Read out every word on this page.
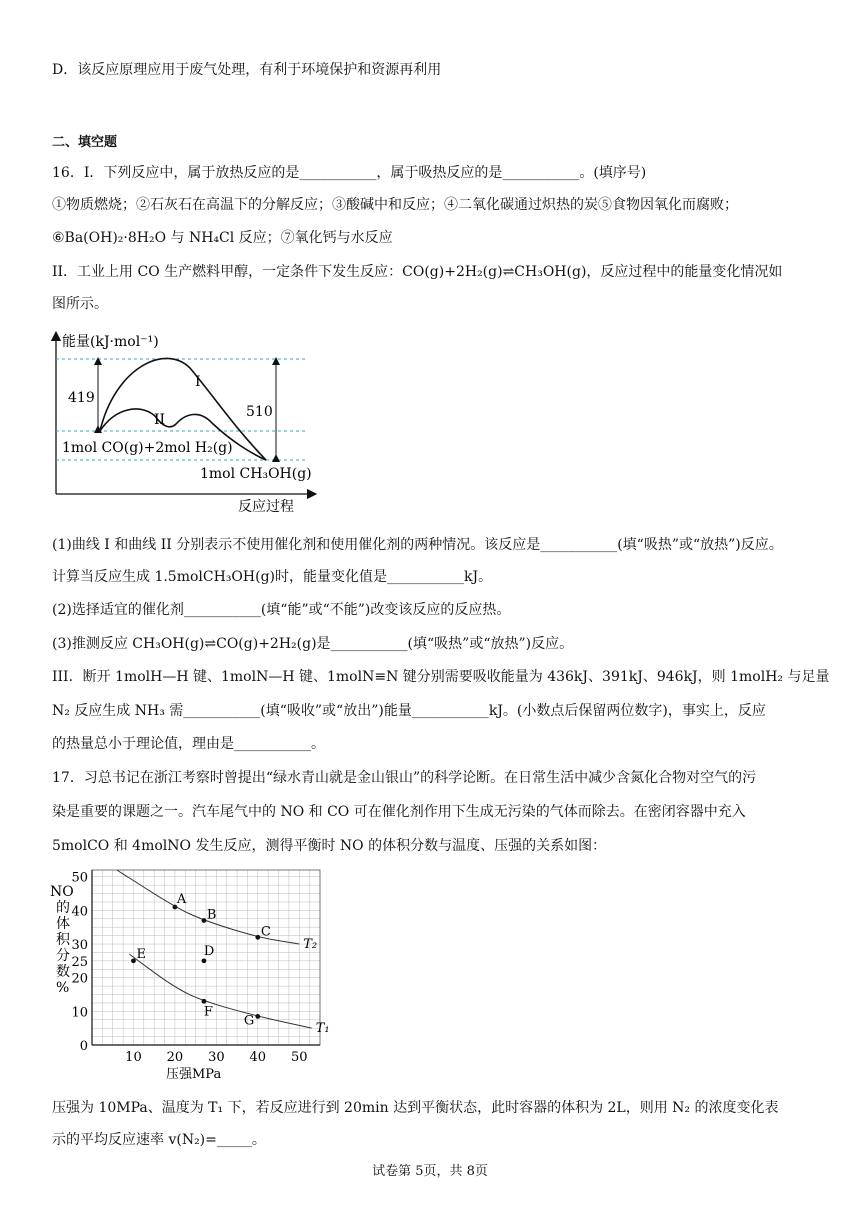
D．该反应原理应用于废气处理，有利于环境保护和资源再利用
二、填空题
16．I．下列反应中，属于放热反应的是___________，属于吸热反应的是___________。(填序号)
①物质燃烧；②石灰石在高温下的分解反应；③酸碱中和反应；④二氧化碳通过炽热的炭⑤食物因氧化而腐败；
⑥Ba(OH)₂·8H₂O 与 NH₄Cl 反应；⑦氧化钙与水反应
II．工业上用 CO 生产燃料甲醇，一定条件下发生反应：CO(g)+2H₂(g)⇌CH₃OH(g)，反应过程中的能量变化情况如
图所示。
能量(kJ·mol⁻¹)
反应过程
I
II
419
510
1mol CO(g)+2mol H₂(g)
1mol CH₃OH(g)
(1)曲线 I 和曲线 II 分别表示不使用催化剂和使用催化剂的两种情况。该反应是___________(填“吸热”或“放热”)反应。
计算当反应生成 1.5molCH₃OH(g)时，能量变化值是___________kJ。
(2)选择适宜的催化剂___________(填“能”或“不能”)改变该反应的反应热。
(3)推测反应 CH₃OH(g)⇌CO(g)+2H₂(g)是___________(填“吸热”或“放热”)反应。
III．断开 1molH—H 键、1molN—H 键、1molN≡N 键分别需要吸收能量为 436kJ、391kJ、946kJ，则 1molH₂ 与足量
N₂ 反应生成 NH₃ 需___________(填“吸收”或“放出”)能量___________kJ。(小数点后保留两位数字)，事实上，反应
的热量总小于理论值，理由是___________。
17．习总书记在浙江考察时曾提出“绿水青山就是金山银山”的科学论断。在日常生活中减少含氮化合物对空气的污
染是重要的课题之一。汽车尾气中的 NO 和 CO 可在催化剂作用下生成无污染的气体而除去。在密闭容器中充入
5molCO 和 4molNO 发生反应，测得平衡时 NO 的体积分数与温度、压强的关系如图：
10 20 30 40 50
0
10
20
25
30
40
50
T₂
T₁
A
B
C
D
E
F
G
NO 的体积分数%
压强MPa
压强为 10MPa、温度为 T₁ 下，若反应进行到 20min 达到平衡状态，此时容器的体积为 2L，则用 N₂ 的浓度变化表
示的平均反应速率 v(N₂)=_____。
试卷第 5页，共 8页
